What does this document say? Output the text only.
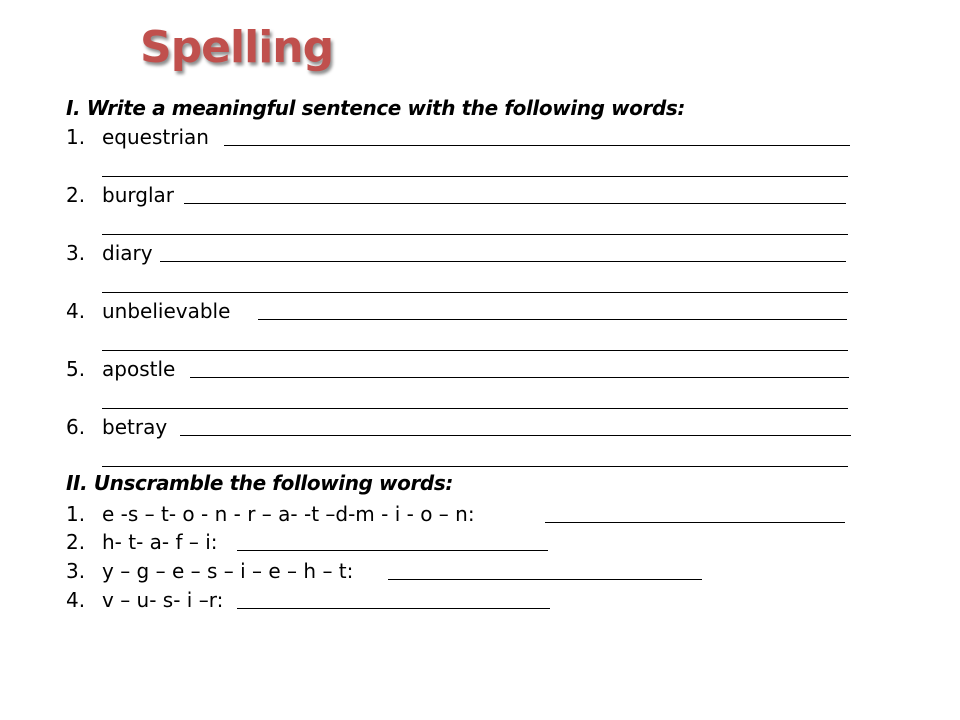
Spelling
I. Write a meaningful sentence with the following words:
1. equestrian
2. burglar
3. diary
4. unbelievable
5. apostle
6. betray
II. Unscramble the following words:
1. e -s – t- o - n - r – a- -t –d-m - i - o – n:
2. h- t- a- f – i:
3. y – g – e – s – i – e – h – t:
4. v – u- s- i –r:
